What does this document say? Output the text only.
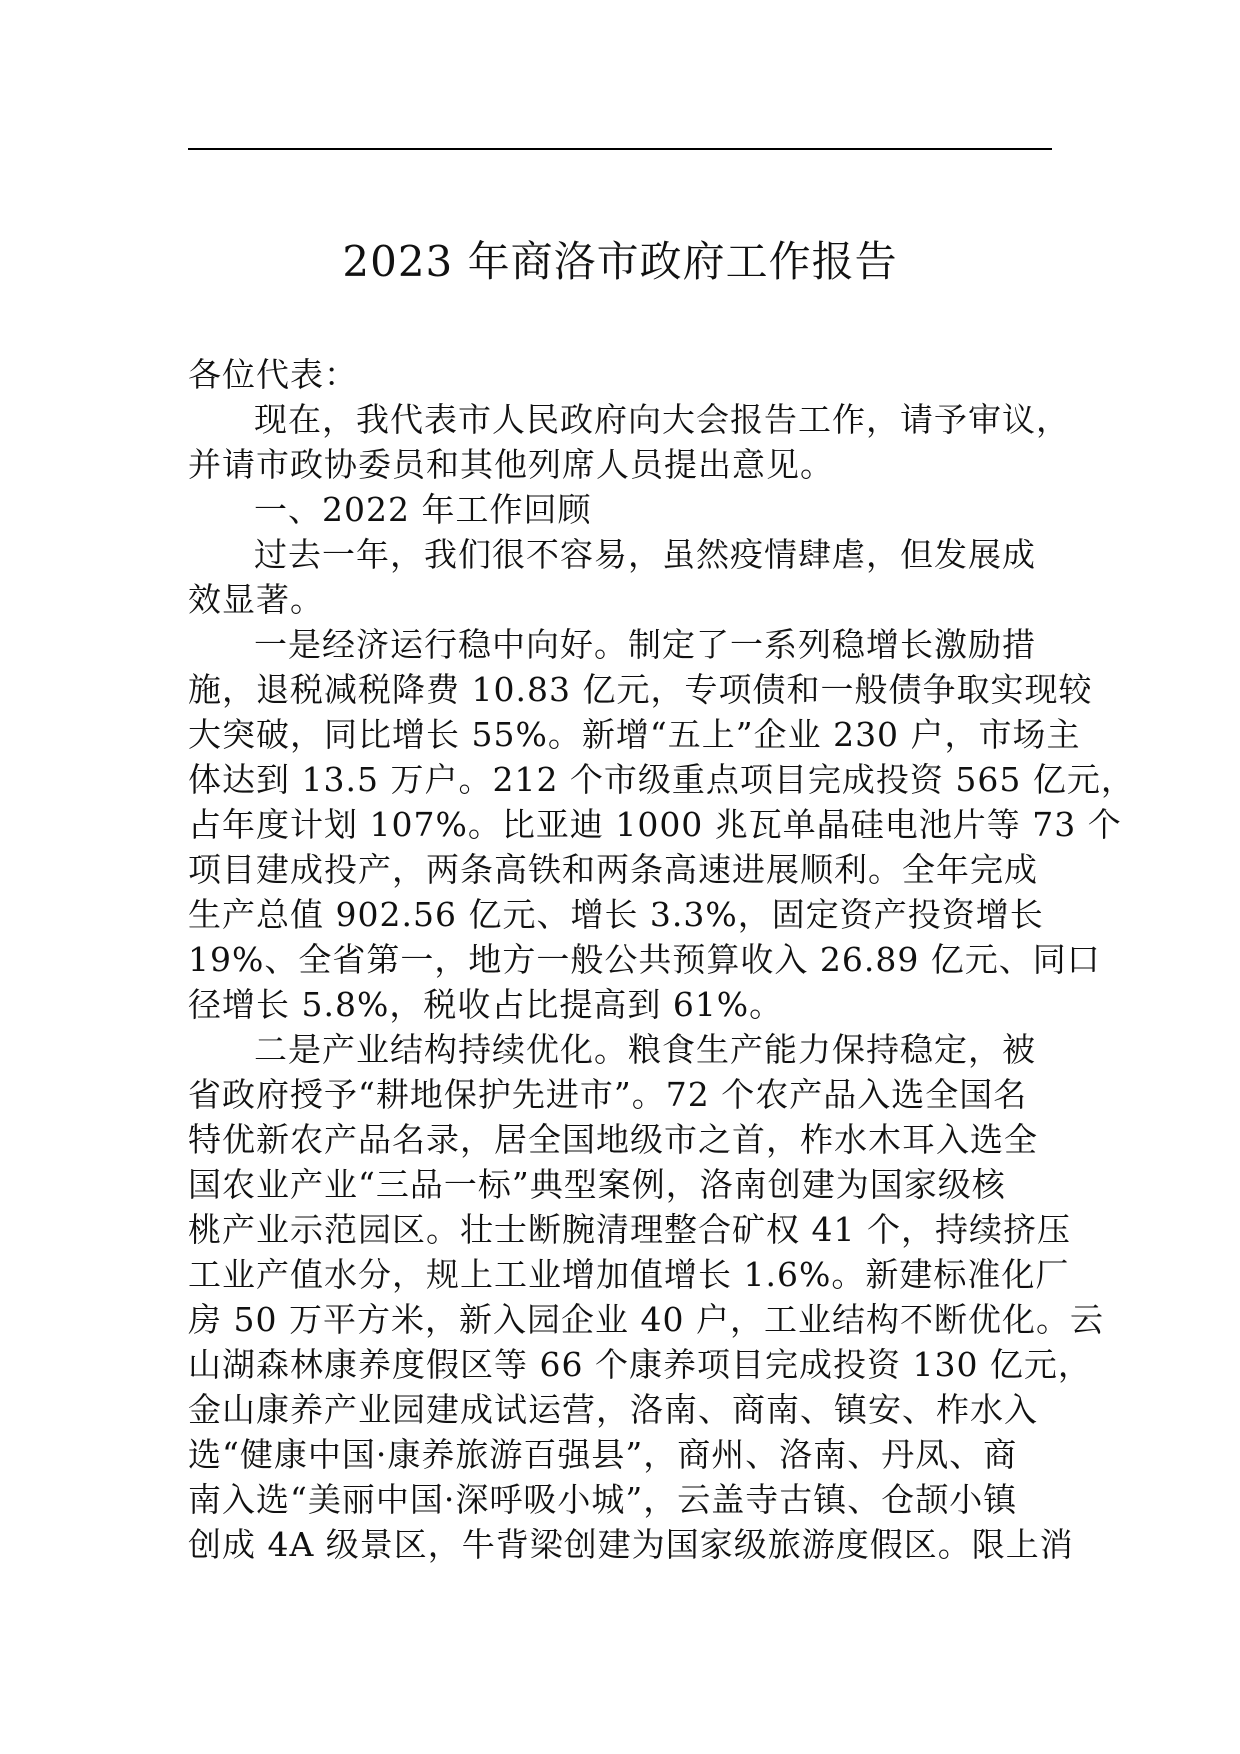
2023 年商洛市政府工作报告
各位代表：
现在，我代表市人民政府向大会报告工作，请予审议，
并请市政协委员和其他列席人员提出意见。
一、2022 年工作回顾
过去一年，我们很不容易，虽然疫情肆虐，但发展成
效显著。
一是经济运行稳中向好。制定了一系列稳增长激励措
施，退税减税降费 10.83 亿元，专项债和一般债争取实现较
大突破，同比增长 55%。新增“五上”企业 230 户，市场主
体达到 13.5 万户。212 个市级重点项目完成投资 565 亿元，
占年度计划 107%。比亚迪 1000 兆瓦单晶硅电池片等 73 个
项目建成投产，两条高铁和两条高速进展顺利。全年完成
生产总值 902.56 亿元、增长 3.3%，固定资产投资增长
19%、全省第一，地方一般公共预算收入 26.89 亿元、同口
径增长 5.8%，税收占比提高到 61%。
二是产业结构持续优化。粮食生产能力保持稳定，被
省政府授予“耕地保护先进市”。72 个农产品入选全国名
特优新农产品名录，居全国地级市之首，柞水木耳入选全
国农业产业“三品一标”典型案例，洛南创建为国家级核
桃产业示范园区。壮士断腕清理整合矿权 41 个，持续挤压
工业产值水分，规上工业增加值增长 1.6%。新建标准化厂
房 50 万平方米，新入园企业 40 户，工业结构不断优化。云
山湖森林康养度假区等 66 个康养项目完成投资 130 亿元，
金山康养产业园建成试运营，洛南、商南、镇安、柞水入
选“健康中国·康养旅游百强县”，商州、洛南、丹凤、商
南入选“美丽中国·深呼吸小城”，云盖寺古镇、仓颉小镇
创成 4A 级景区，牛背梁创建为国家级旅游度假区。限上消
